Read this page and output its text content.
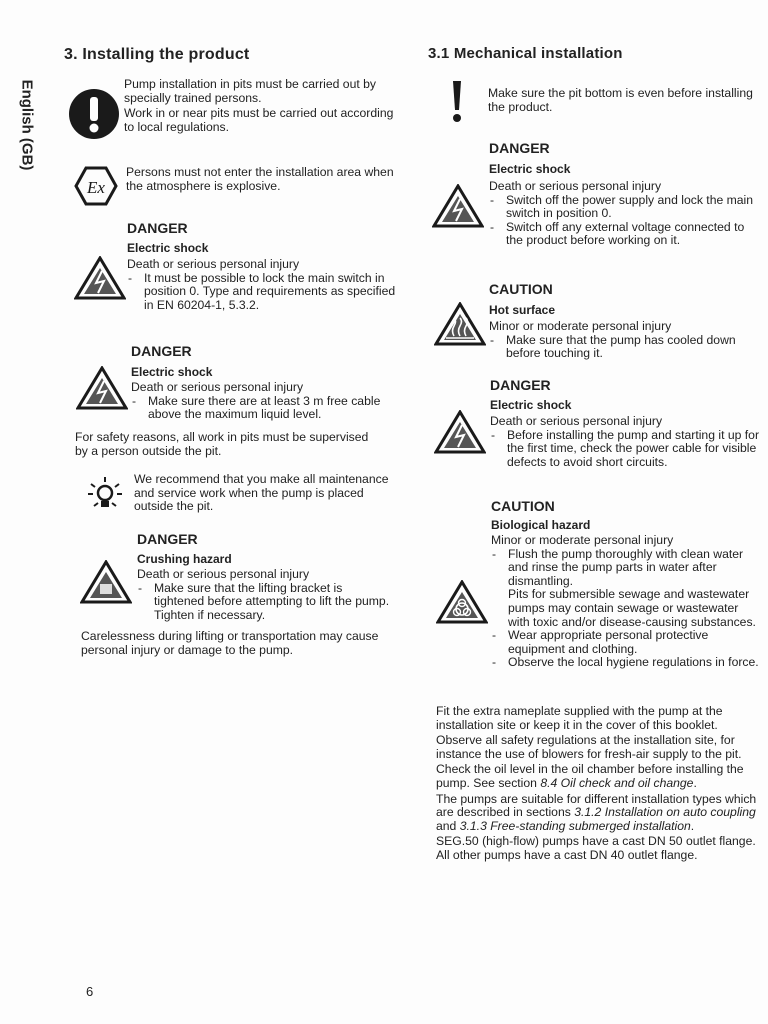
English (GB)
3. Installing the product

Pump installation in pits must be carried out by specially trained persons.

Work in or near pits must be carried out according to local regulations.

Ex
Persons must not enter the installation area when the atmosphere is explosive.
DANGER
Electric shock
Death or serious personal injury
- It must be possible to lock the main switch in position 0. Type and requirements as specified in EN 60204-1, 5.3.2.
DANGER
Electric shock
Death or serious personal injury
- Make sure there are at least 3 m free cable above the maximum liquid level.
For safety reasons, all work in pits must be supervised by a person outside the pit.
We recommend that you make all maintenance and service work when the pump is placed outside the pit.
DANGER
Crushing hazard
Death or serious personal injury
- Make sure that the lifting bracket is tightened before attempting to lift the pump. Tighten if necessary.
Carelessness during lifting or transportation may cause personal injury or damage to the pump.
6
3.1 Mechanical installation
Make sure the pit bottom is even before installing the product.
DANGER
Electric shock
Death or serious personal injury
- Switch off the power supply and lock the main switch in position 0.
- Switch off any external voltage connected to the product before working on it.
CAUTION
Hot surface
Minor or moderate personal injury
- Make sure that the pump has cooled down before touching it.
DANGER
Electric shock
Death or serious personal injury
- Before installing the pump and starting it up for the first time, check the power cable for visible defects to avoid short circuits.
CAUTION
Biological hazard
Minor or moderate personal injury
- Flush the pump thoroughly with clean water and rinse the pump parts in water after dismantling.
Pits for submersible sewage and wastewater pumps may contain sewage or wastewater with toxic and/or disease-causing substances.
- Wear appropriate personal protective equipment and clothing.
- Observe the local hygiene regulations in force.

Fit the extra nameplate supplied with the pump at the installation site or keep it in the cover of this booklet.

Observe all safety regulations at the installation site, for instance the use of blowers for fresh-air supply to the pit.

Check the oil level in the oil chamber before installing the pump. See section 8.4 Oil check and oil change.

The pumps are suitable for different installation types which are described in sections 3.1.2 Installation on auto coupling and 3.1.3 Free-standing submerged installation.

SEG.50 (high-flow) pumps have a cast DN 50 outlet flange. All other pumps have a cast DN 40 outlet flange.
